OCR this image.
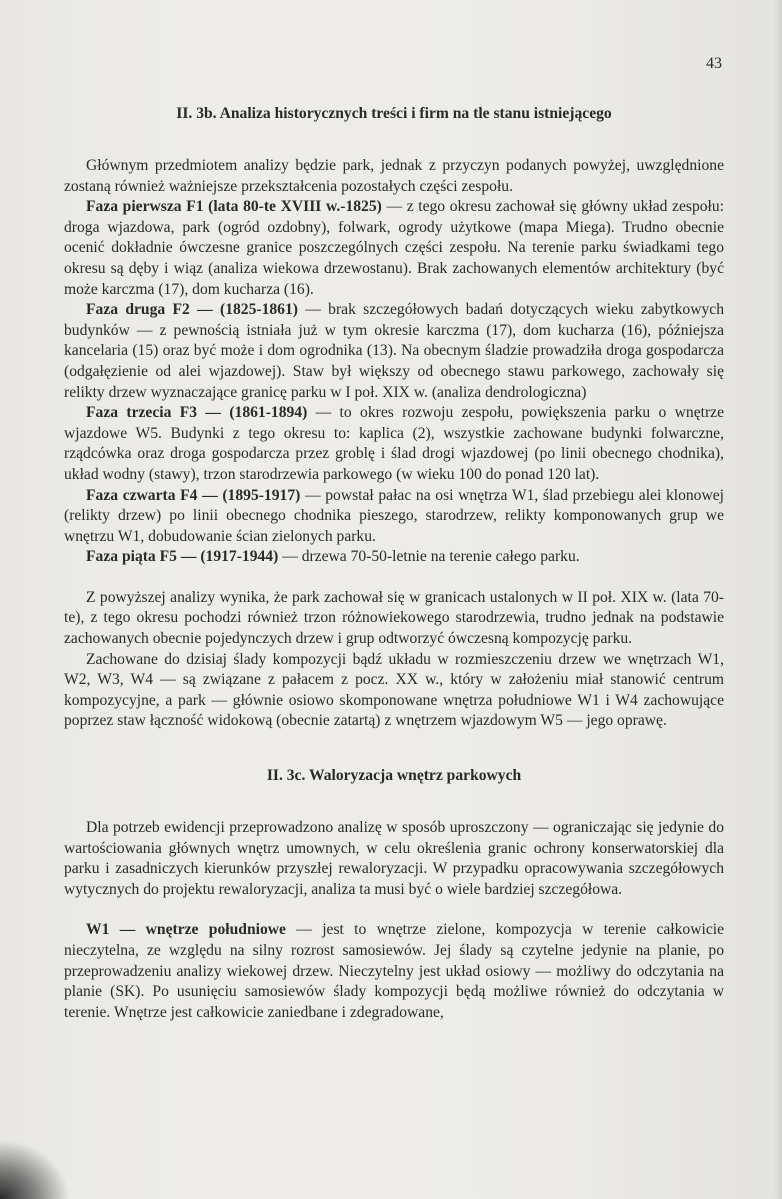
43
II. 3b. Analiza historycznych treści i firm na tle stanu istniejącego

Głównym przedmiotem analizy będzie park, jednak z przyczyn podanych powyżej, uwzględnione zostaną również ważniejsze przekształcenia pozostałych części zespołu.

Faza pierwsza F1 (lata 80-te XVIII w.-1825) — z tego okresu zachował się główny układ zespołu: droga wjazdowa, park (ogród ozdobny), folwark, ogrody użytkowe (mapa Miega). Trudno obecnie ocenić dokładnie ówczesne granice poszczególnych części zespołu. Na terenie parku świadkami tego okresu są dęby i wiąz (analiza wiekowa drzewostanu). Brak zachowanych elementów architektury (być może karczma (17), dom kucharza (16).

Faza druga F2 — (1825-1861) — brak szczegółowych badań dotyczących wieku zabytkowych budynków — z pewnością istniała już w tym okresie karczma (17), dom kucharza (16), późniejsza kancelaria (15) oraz być może i dom ogrodnika (13). Na obecnym śladzie prowadziła droga gospodarcza (odgałęzienie od alei wjazdowej). Staw był większy od obecnego stawu parkowego, zachowały się relikty drzew wyznaczające granicę parku w I poł. XIX w. (analiza dendrologiczna)

Faza trzecia F3 — (1861-1894) — to okres rozwoju zespołu, powiększenia parku o wnętrze wjazdowe W5. Budynki z tego okresu to: kaplica (2), wszystkie zachowane budynki folwarczne, rządcówka oraz droga gospodarcza przez groblę i ślad drogi wjazdowej (po linii obecnego chodnika), układ wodny (stawy), trzon starodrzewia parkowego (w wieku 100 do ponad 120 lat).

Faza czwarta F4 — (1895-1917) — powstał pałac na osi wnętrza W1, ślad przebiegu alei klonowej (relikty drzew) po linii obecnego chodnika pieszego, starodrzew, relikty komponowanych grup we wnętrzu W1, dobudowanie ścian zielonych parku.

Faza piąta F5 — (1917-1944) — drzewa 70-50-letnie na terenie całego parku.

Z powyższej analizy wynika, że park zachował się w granicach ustalonych w II poł. XIX w. (lata 70-te), z tego okresu pochodzi również trzon różnowiekowego starodrzewia, trudno jednak na podstawie zachowanych obecnie pojedynczych drzew i grup odtworzyć ówczesną kompozycję parku.

Zachowane do dzisiaj ślady kompozycji bądź układu w rozmieszczeniu drzew we wnętrzach W1, W2, W3, W4 — są związane z pałacem z pocz. XX w., który w założeniu miał stanowić centrum kompozycyjne, a park — głównie osiowo skomponowane wnętrza południowe W1 i W4 zachowujące poprzez staw łączność widokową (obecnie zatartą) z wnętrzem wjazdowym W5 — jego oprawę.

II. 3c. Waloryzacja wnętrz parkowych

Dla potrzeb ewidencji przeprowadzono analizę w sposób uproszczony — ograniczając się jedynie do wartościowania głównych wnętrz umownych, w celu określenia granic ochrony konserwatorskiej dla parku i zasadniczych kierunków przyszłej rewaloryzacji. W przypadku opracowywania szczegółowych wytycznych do projektu rewaloryzacji, analiza ta musi być o wiele bardziej szczegółowa.

W1 — wnętrze południowe — jest to wnętrze zielone, kompozycja w terenie całkowicie nieczytelna, ze względu na silny rozrost samosiewów. Jej ślady są czytelne jedynie na planie, po przeprowadzeniu analizy wiekowej drzew. Nieczytelny jest układ osiowy — możliwy do odczytania na planie (SK). Po usunięciu samosiewów ślady kompozycji będą możliwe również do odczytania w terenie. Wnętrze jest całkowicie zaniedbane i zdegradowane,
